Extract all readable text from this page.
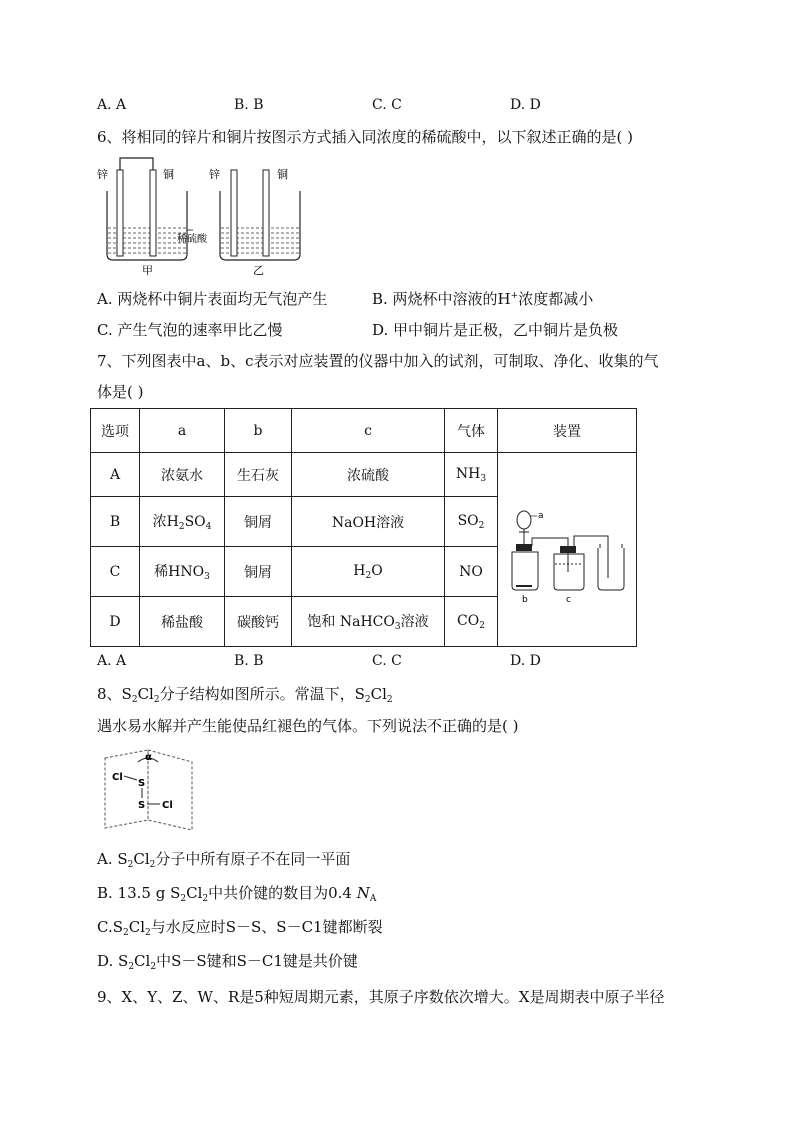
A. A	B. B	C. C	D. D
6、将相同的锌片和铜片按图示方式插入同浓度的稀硫酸中，以下叙述正确的是( )
锌	铜	锌	铜
稀硫酸
甲	乙
A. 两烧杯中铜片表面均无气泡产生	B. 两烧杯中溶液的H+浓度都减小
C. 产生气泡的速率甲比乙慢	D. 甲中铜片是正极，乙中铜片是负极
7、下列图表中a、b、c表示对应装置的仪器中加入的试剂，可制取、净化、收集的气
体是( )
选项	a	b	c	气体	装置
A	浓氨水	生石灰	浓硫酸	$NH_3$	a
b c

B	浓$H_2SO_4$	铜屑	NaOH溶液	$SO_2$
C	稀$HNO_3$	铜屑	$H_2O$	NO	
D	稀盐酸	碳酸钙	饱和 NaHCO$_3$溶液	$CO_2$
A. A	B. B	C. C	D. D
8、$S_2Cl_2$分子结构如图所示。常温下，$S_2Cl_2$
遇水易水解并产生能使品红褪色的气体。下列说法不正确的是( )
α
Cl
S
S Cl
A. $S_2Cl_2$分子中所有原子不在同一平面
B. 13.5 g $S_2Cl_2$中共价键的数目为0.4 $N_A$
$C.S_2Cl_2$与水反应时S－S、S－C1键都断裂
D. $S_2Cl_2$中S－S键和S－C1键是共价键
9、X、Y、Z、W、R是5种短周期元素，其原子序数依次增大。X是周期表中原子半径
